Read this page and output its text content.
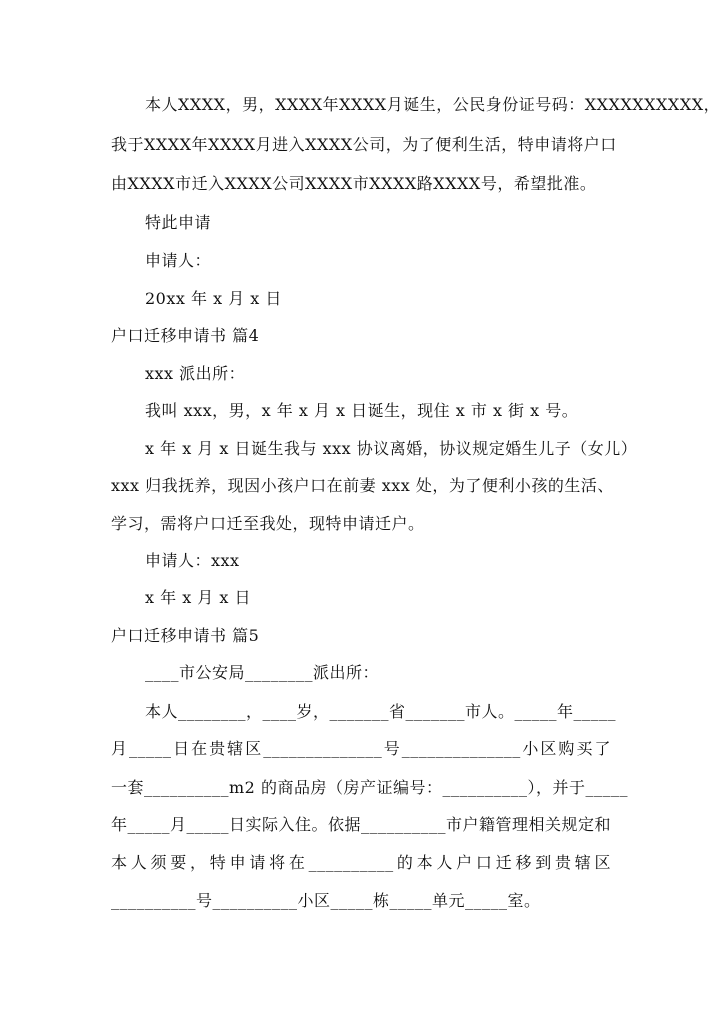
本人XXXX，男，XXXX年XXXX月诞生，公民身份证号码：XXXXXXXXXX，
我于XXXX年XXXX月进入XXXX公司，为了便利生活，特申请将户口
由XXXX市迁入XXXX公司XXXX市XXXX路XXXX号，希望批准。
特此申请
申请人：
20xx 年 x 月 x 日
户口迁移申请书 篇4
xxx 派出所：
我叫 xxx，男，x 年 x 月 x 日诞生，现住 x 市 x 街 x 号。
x 年 x 月 x 日诞生我与 xxx 协议离婚，协议规定婚生儿子（女儿）
xxx 归我抚养，现因小孩户口在前妻 xxx 处，为了便利小孩的生活、
学习，需将户口迁至我处，现特申请迁户。
申请人：xxx
x 年 x 月 x 日
户口迁移申请书 篇5
____市公安局________派出所：
本人________，____岁，_______省_______市人。_____年_____
月_____日在贵辖区______________号______________小区购买了
一套__________m2 的商品房（房产证编号：__________），并于_____
年_____月_____日实际入住。依据__________市户籍管理相关规定和
本人须要，特申请将在__________的本人户口迁移到贵辖区
__________号__________小区_____栋_____单元_____室。
